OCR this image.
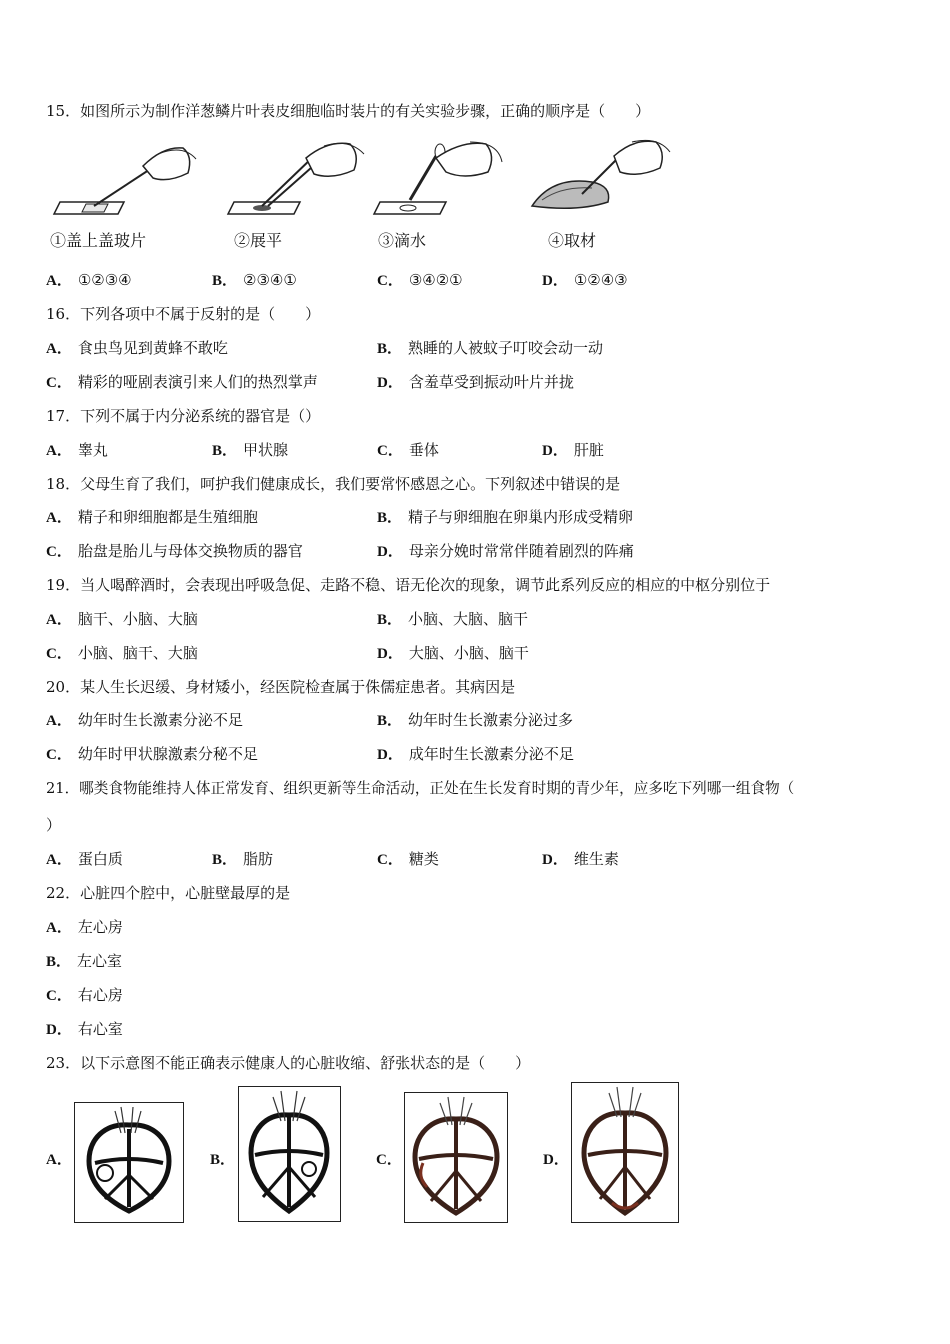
15．如图所示为制作洋葱鳞片叶表皮细胞临时装片的有关实验步骤，正确的顺序是（　　）
①盖上盖玻片	②展平	③滴水	④取材
A． ①②③④	B． ②③④①	C． ③④②①	D． ①②④③
16．下列各项中不属于反射的是（　　）
A． 食虫鸟见到黄蜂不敢吃	B． 熟睡的人被蚊子叮咬会动一动
C． 精彩的哑剧表演引来人们的热烈掌声	D． 含羞草受到振动叶片并拢
17．下列不属于内分泌系统的器官是（）
A． 睾丸	B． 甲状腺	C． 垂体	D． 肝脏
18．父母生育了我们，呵护我们健康成长，我们要常怀感恩之心。下列叙述中错误的是
A． 精子和卵细胞都是生殖细胞	B． 精子与卵细胞在卵巢内形成受精卵
C． 胎盘是胎儿与母体交换物质的器官	D． 母亲分娩时常常伴随着剧烈的阵痛
19．当人喝醉酒时，会表现出呼吸急促、走路不稳、语无伦次的现象，调节此系列反应的相应的中枢分别位于
A． 脑干、小脑、大脑	B． 小脑、大脑、脑干
C． 小脑、脑干、大脑	D． 大脑、小脑、脑干
20．某人生长迟缓、身材矮小，经医院检查属于侏儒症患者。其病因是
A． 幼年时生长激素分泌不足	B． 幼年时生长激素分泌过多
C． 幼年时甲状腺激素分秘不足	D． 成年时生长激素分泌不足
21．哪类食物能维持人体正常发育、组织更新等生命活动，正处在生长发育时期的青少年，应多吃下列哪一组食物（
）
A． 蛋白质	B． 脂肪	C． 糖类	D． 维生素
22．心脏四个腔中，心脏壁最厚的是
A． 左心房
B． 左心室
C． 右心房
D． 右心室
23．以下示意图不能正确表示健康人的心脏收缩、舒张状态的是（　　）
A．	B．	C．	D．
